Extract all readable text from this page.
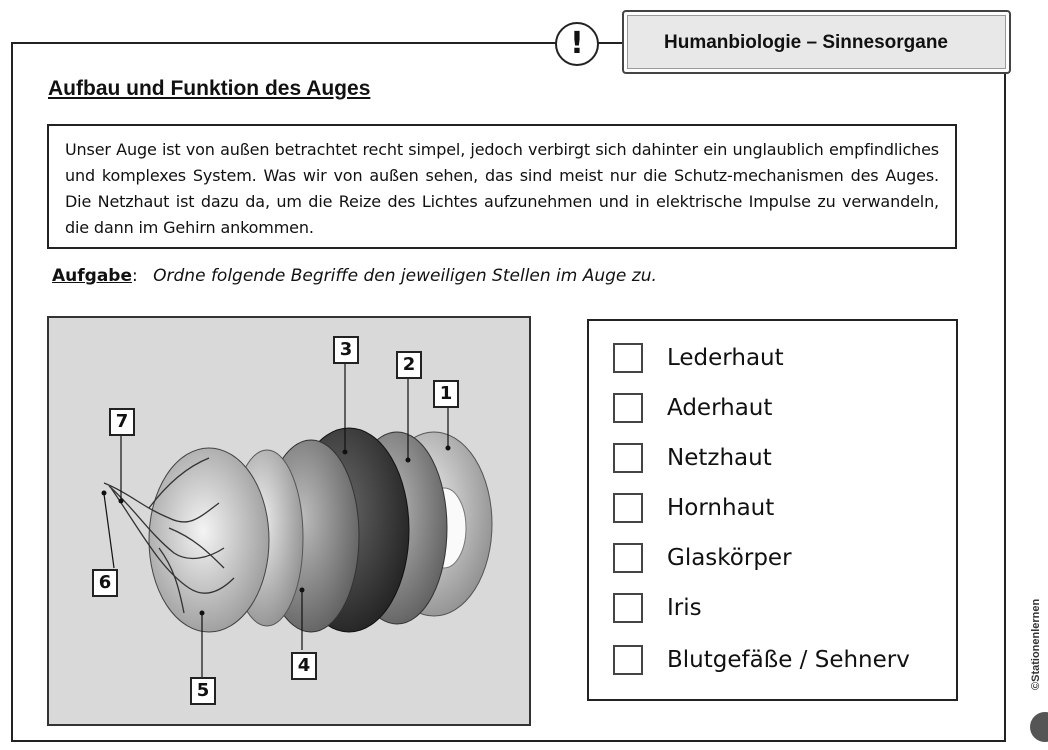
!	Humanbiologie – Sinnesorgane
Aufbau und Funktion des Auges
Unser Auge ist von außen betrachtet recht simpel, jedoch verbirgt sich dahinter ein unglaublich empfindliches und komplexes System. Was wir von außen sehen, das sind meist nur die Schutz-mechanismen des Auges. Die Netzhaut ist dazu da, um die Reize des Lichtes aufzunehmen und in elektrische Impulse zu verwandeln, die dann im Gehirn ankommen.
Aufgabe: Ordne folgende Begriffe den jeweiligen Stellen im Auge zu.
1
2
3
4
5
6
7
Lederhaut
Aderhaut
Netzhaut
Hornhaut
Glaskörper
Iris
Blutgefäße / Sehnerv	©Stationenlernen
